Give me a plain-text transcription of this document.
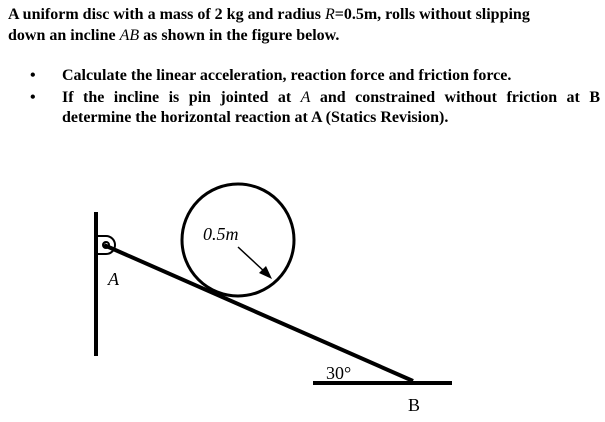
A uniform disc with a mass of 2 kg and radius R=0.5m, rolls without slipping
down an incline AB as shown in the figure below.
• Calculate the linear acceleration, reaction force and friction force.
• If the incline is pin jointed at A and constrained without friction at B determine the horizontal reaction at A (Statics Revision).
0.5m
30°
A
B
